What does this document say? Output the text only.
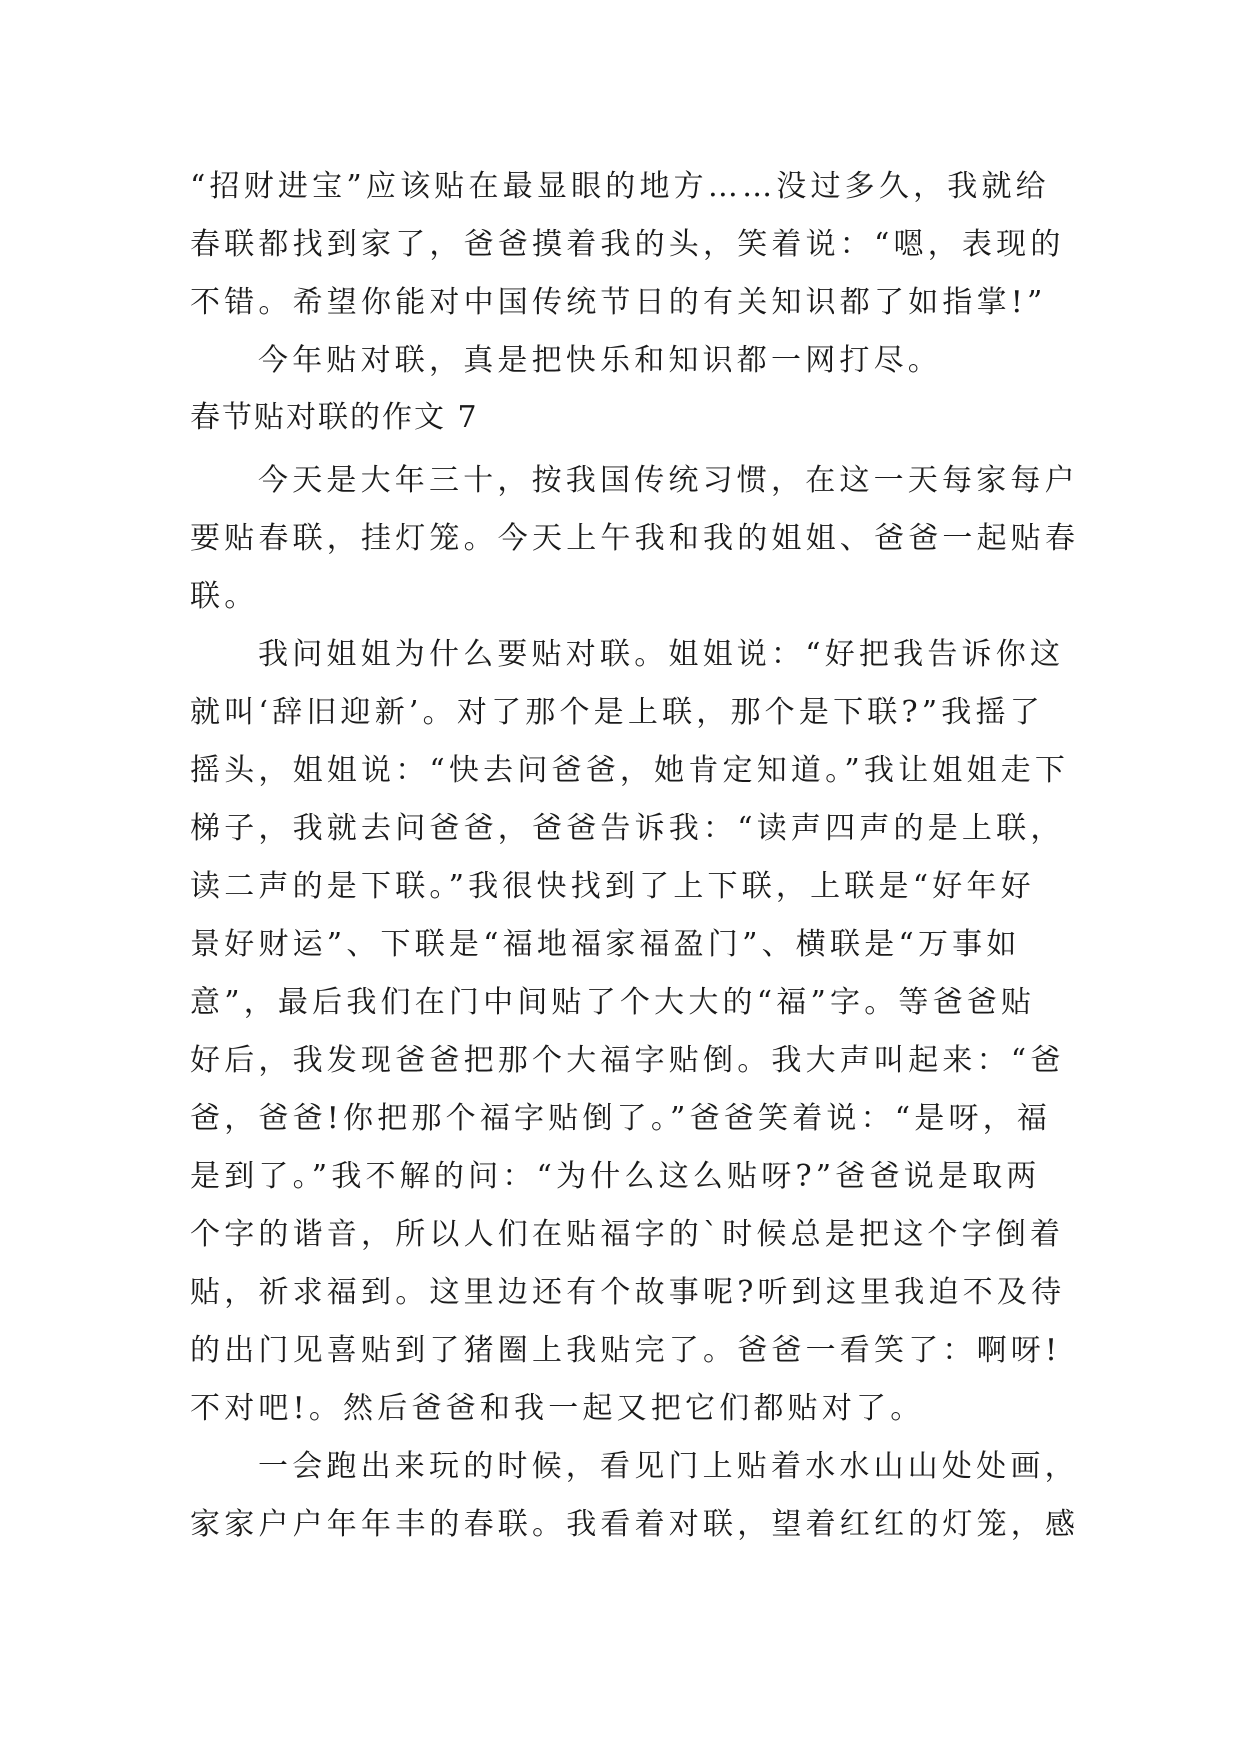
“招财进宝”应该贴在最显眼的地方……没过多久，我就给
春联都找到家了，爸爸摸着我的头，笑着说：“嗯，表现的
不错。希望你能对中国传统节日的有关知识都了如指掌!”
今年贴对联，真是把快乐和知识都一网打尽。
春节贴对联的作文 7
今天是大年三十，按我国传统习惯，在这一天每家每户
要贴春联，挂灯笼。今天上午我和我的姐姐、爸爸一起贴春
联。
我问姐姐为什么要贴对联。姐姐说：“好把我告诉你这
就叫‘辞旧迎新’。对了那个是上联，那个是下联?”我摇了
摇头，姐姐说：“快去问爸爸，她肯定知道。”我让姐姐走下
梯子，我就去问爸爸，爸爸告诉我：“读声四声的是上联，
读二声的是下联。”我很快找到了上下联，上联是“好年好
景好财运”、下联是“福地福家福盈门”、横联是“万事如
意”，最后我们在门中间贴了个大大的“福”字。等爸爸贴
好后，我发现爸爸把那个大福字贴倒。我大声叫起来：“爸
爸，爸爸!你把那个福字贴倒了。”爸爸笑着说：“是呀，福
是到了。”我不解的问：“为什么这么贴呀?”爸爸说是取两
个字的谐音，所以人们在贴福字的`时候总是把这个字倒着
贴，祈求福到。这里边还有个故事呢?听到这里我迫不及待
的出门见喜贴到了猪圈上我贴完了。爸爸一看笑了：啊呀!
不对吧!。然后爸爸和我一起又把它们都贴对了。
一会跑出来玩的时候，看见门上贴着水水山山处处画，
家家户户年年丰的春联。我看着对联，望着红红的灯笼，感
